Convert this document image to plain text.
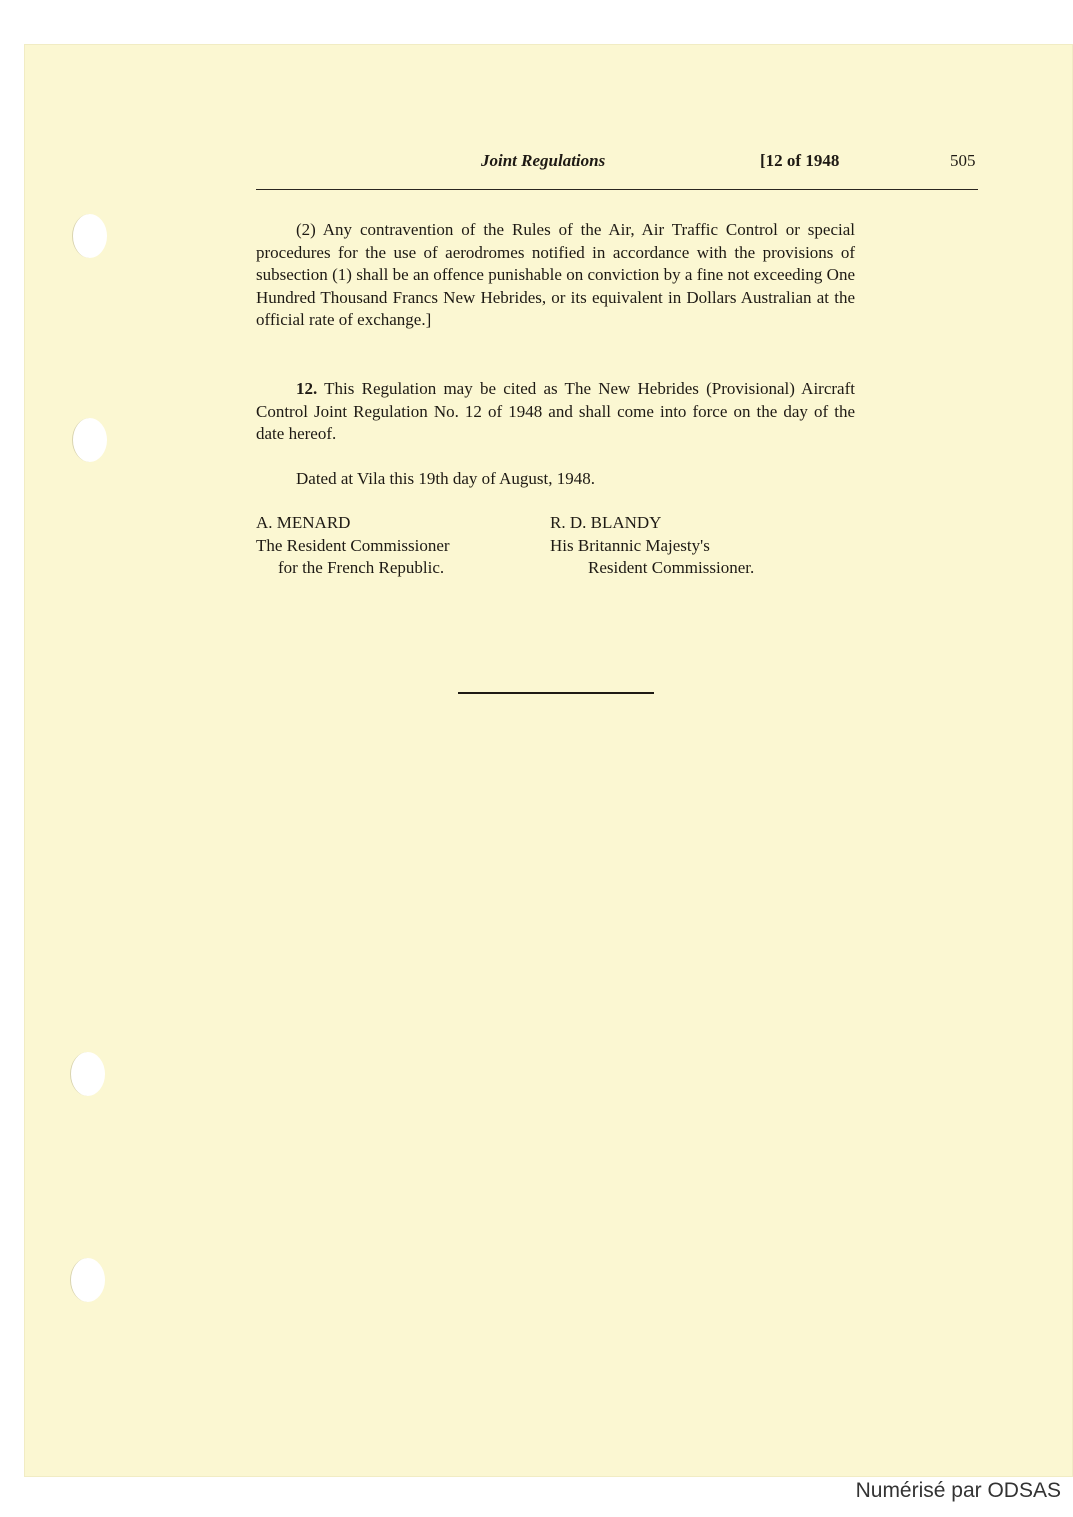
Joint Regulations	[12 of 1948	505

(2) Any contravention of the Rules of the Air, Air Traffic Control or special procedures for the use of aerodromes notified in accordance with the provisions of subsection (1) shall be an offence punishable on conviction by a fine not exceeding One Hundred Thousand Francs New Hebrides, or its equivalent in Dollars Australian at the official rate of exchange.]

12. This Regulation may be cited as The New Hebrides (Provisional) Aircraft Control Joint Regulation No. 12 of 1948 and shall come into force on the day of the date hereof.

Dated at Vila this 19th day of August, 1948.
A. MENARD
The Resident Commissioner
for the French Republic.
R. D. BLANDY
His Britannic Majesty's
Resident Commissioner.
Numérisé par ODSAS
